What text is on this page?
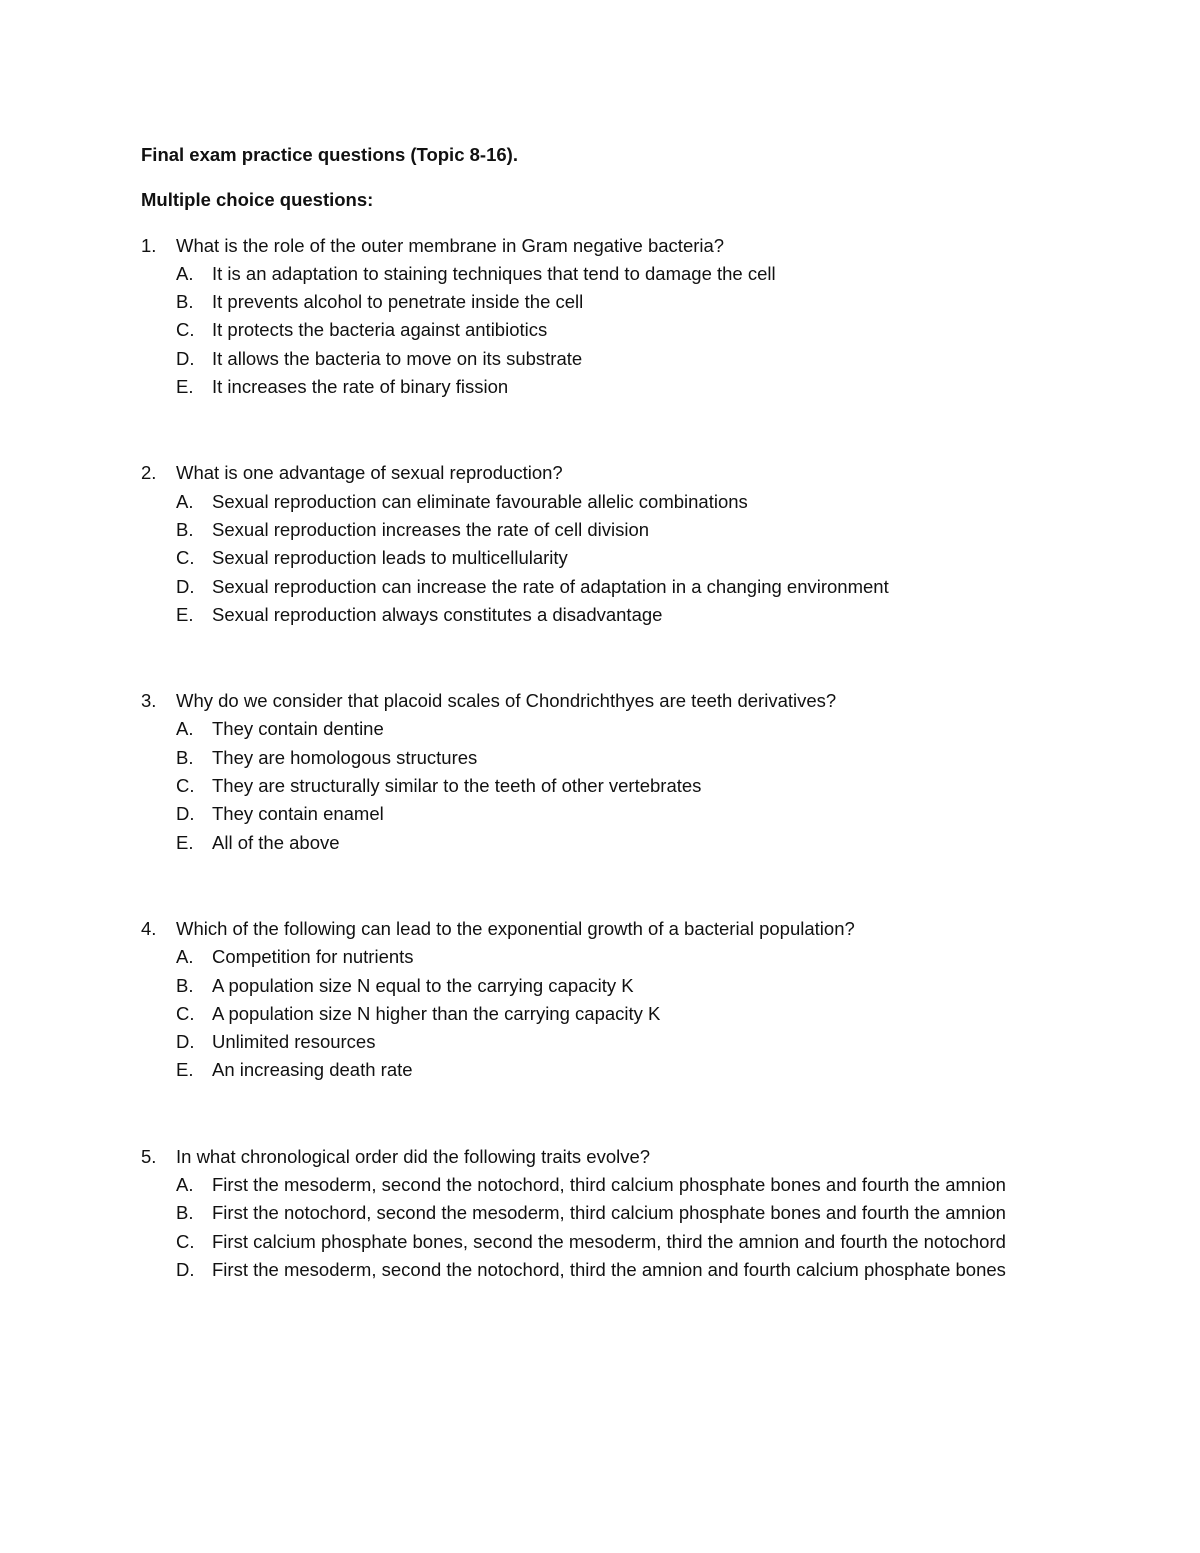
Final exam practice questions (Topic 8-16).
Multiple choice questions:
1.	What is the role of the outer membrane in Gram negative bacteria?
A.	It is an adaptation to staining techniques that tend to damage the cell
B.	It prevents alcohol to penetrate inside the cell
C. It protects the bacteria against antibiotics
D. It allows the bacteria to move on its substrate
E.	It increases the rate of binary fission
2.	What is one advantage of sexual reproduction?
A.	Sexual reproduction can eliminate favourable allelic combinations
B.	Sexual reproduction increases the rate of cell division
C. Sexual reproduction leads to multicellularity
D. Sexual reproduction can increase the rate of adaptation in a changing environment
E.	Sexual reproduction always constitutes a disadvantage
3.	Why do we consider that placoid scales of Chondrichthyes are teeth derivatives?
A.	They contain dentine
B.	They are homologous structures
C. They are structurally similar to the teeth of other vertebrates
D. They contain enamel
E.	All of the above
4.	Which of the following can lead to the exponential growth of a bacterial population?
A.	Competition for nutrients
B.	A population size N equal to the carrying capacity K
C. A population size N higher than the carrying capacity K
D. Unlimited resources
E.	An increasing death rate
5.	In what chronological order did the following traits evolve?
A.	First the mesoderm, second the notochord, third calcium phosphate bones and fourth the amnion
B.	First the notochord, second the mesoderm, third calcium phosphate bones and fourth the amnion
C. First calcium phosphate bones, second the mesoderm, third the amnion and fourth the notochord
D. First the mesoderm, second the notochord, third the amnion and fourth calcium phosphate bones
